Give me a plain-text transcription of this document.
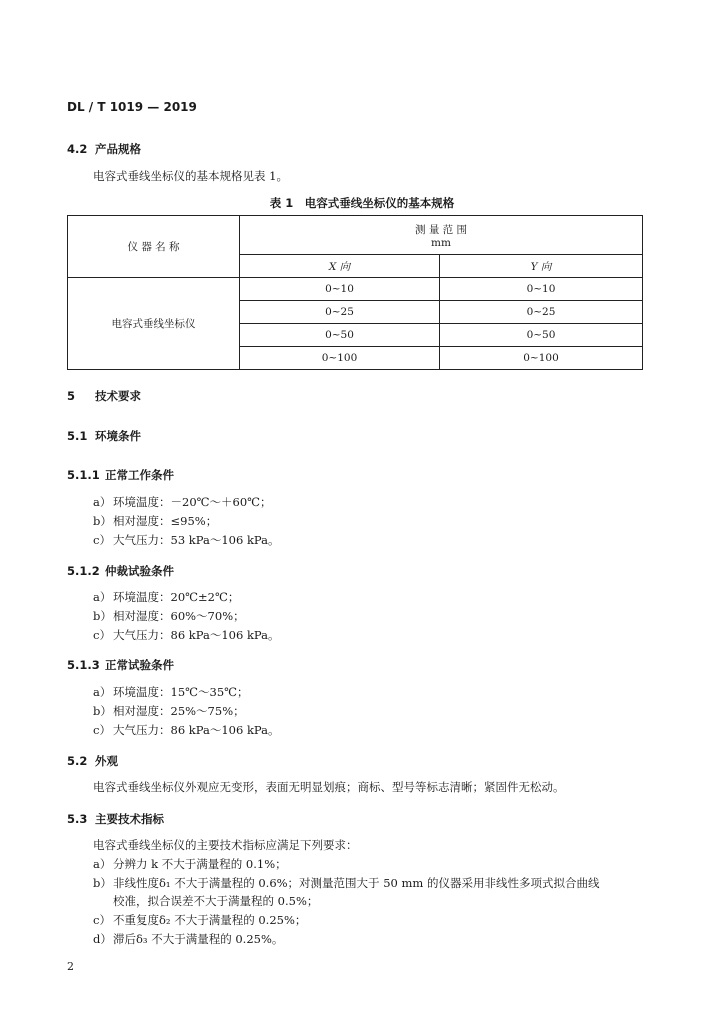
DL / T 1019 — 2019

4.2 产品规格

电容式垂线坐标仪的基本规格见表 1。

表 1　电容式垂线坐标仪的基本规格

仪 器 名 称	测 量 范 围
mm	

	X 向	Y 向
电容式垂线坐标仪	0~10	0~10
	0~25	0~25
	0~50	0~50
	0~100	0~100

5 技术要求

5.1 环境条件

5.1.1 正常工作条件

a） 环境温度：－20℃～＋60℃；

b）相对湿度：≤95%；

c） 大气压力：53 kPa～106 kPa。

5.1.2 仲裁试验条件

a） 环境温度：20℃±2℃；

b）相对湿度：60%～70%；

c） 大气压力：86 kPa～106 kPa。

5.1.3 正常试验条件

a） 环境温度：15℃～35℃；

b）相对湿度：25%～75%；

c） 大气压力：86 kPa～106 kPa。

5.2 外观

电容式垂线坐标仪外观应无变形，表面无明显划痕；商标、型号等标志清晰；紧固件无松动。

5.3 主要技术指标

电容式垂线坐标仪的主要技术指标应满足下列要求：

a） 分辨力 k 不大于满量程的 0.1%；

b）非线性度δ₁ 不大于满量程的 0.6%；对测量范围大于 50 mm 的仪器采用非线性多项式拟合曲线

校准，拟合误差不大于满量程的 0.5%；

c） 不重复度δ₂ 不大于满量程的 0.25%；

d）滞后δ₃ 不大于满量程的 0.25%。

2
